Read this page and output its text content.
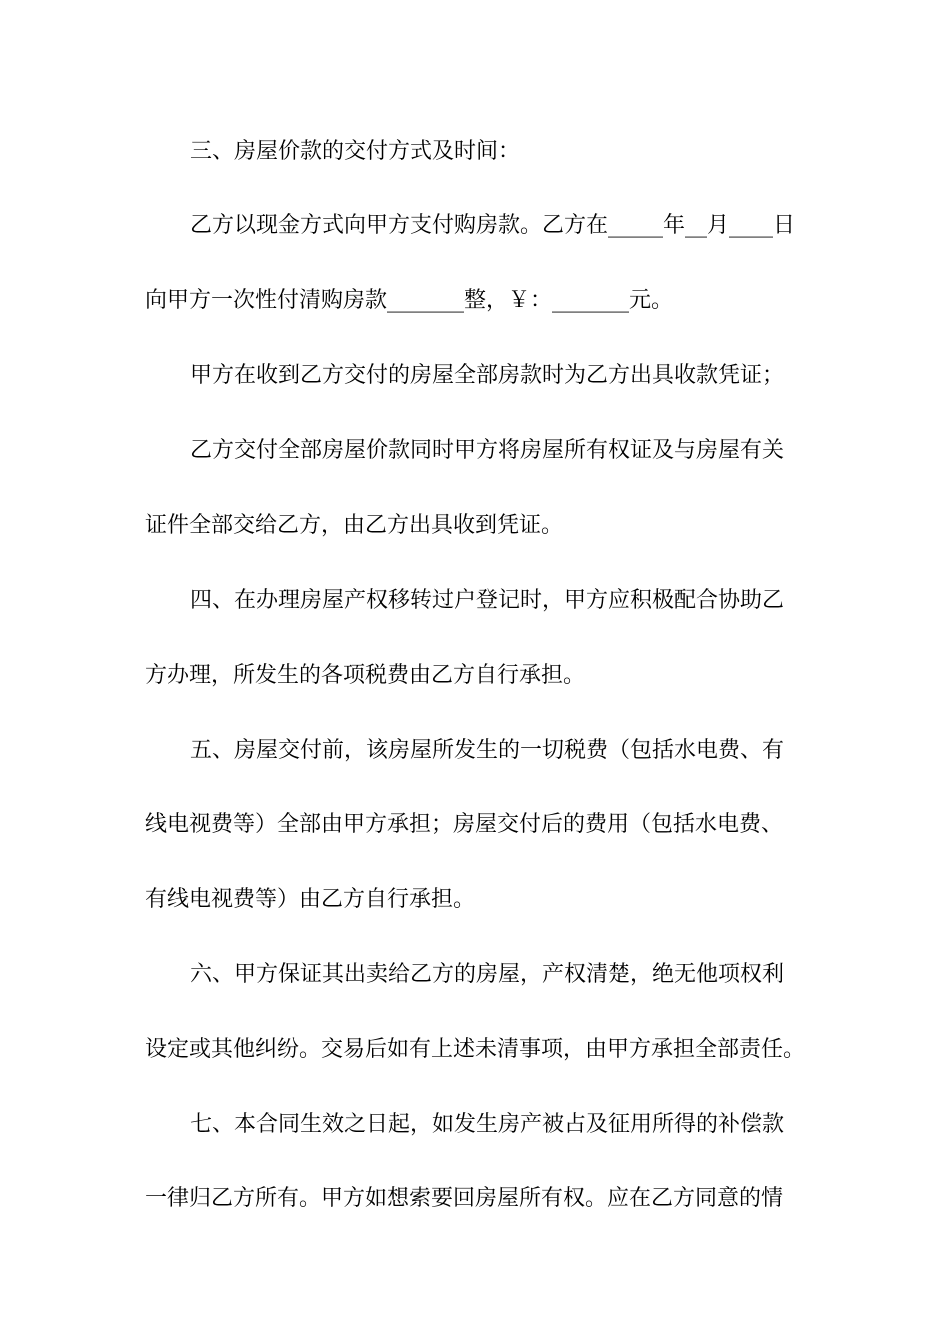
三、房屋价款的交付方式及时间：
乙方以现金方式向甲方支付购房款。乙方在_____年__月____日
向甲方一次性付清购房款_______整，￥：_______元。
甲方在收到乙方交付的房屋全部房款时为乙方出具收款凭证；
乙方交付全部房屋价款同时甲方将房屋所有权证及与房屋有关
证件全部交给乙方，由乙方出具收到凭证。
四、在办理房屋产权移转过户登记时，甲方应积极配合协助乙
方办理，所发生的各项税费由乙方自行承担。
五、房屋交付前，该房屋所发生的一切税费（包括水电费、有
线电视费等）全部由甲方承担；房屋交付后的费用（包括水电费、
有线电视费等）由乙方自行承担。
六、甲方保证其出卖给乙方的房屋，产权清楚，绝无他项权利
设定或其他纠纷。交易后如有上述未清事项，由甲方承担全部责任。
七、本合同生效之日起，如发生房产被占及征用所得的补偿款
一律归乙方所有。甲方如想索要回房屋所有权。应在乙方同意的情
